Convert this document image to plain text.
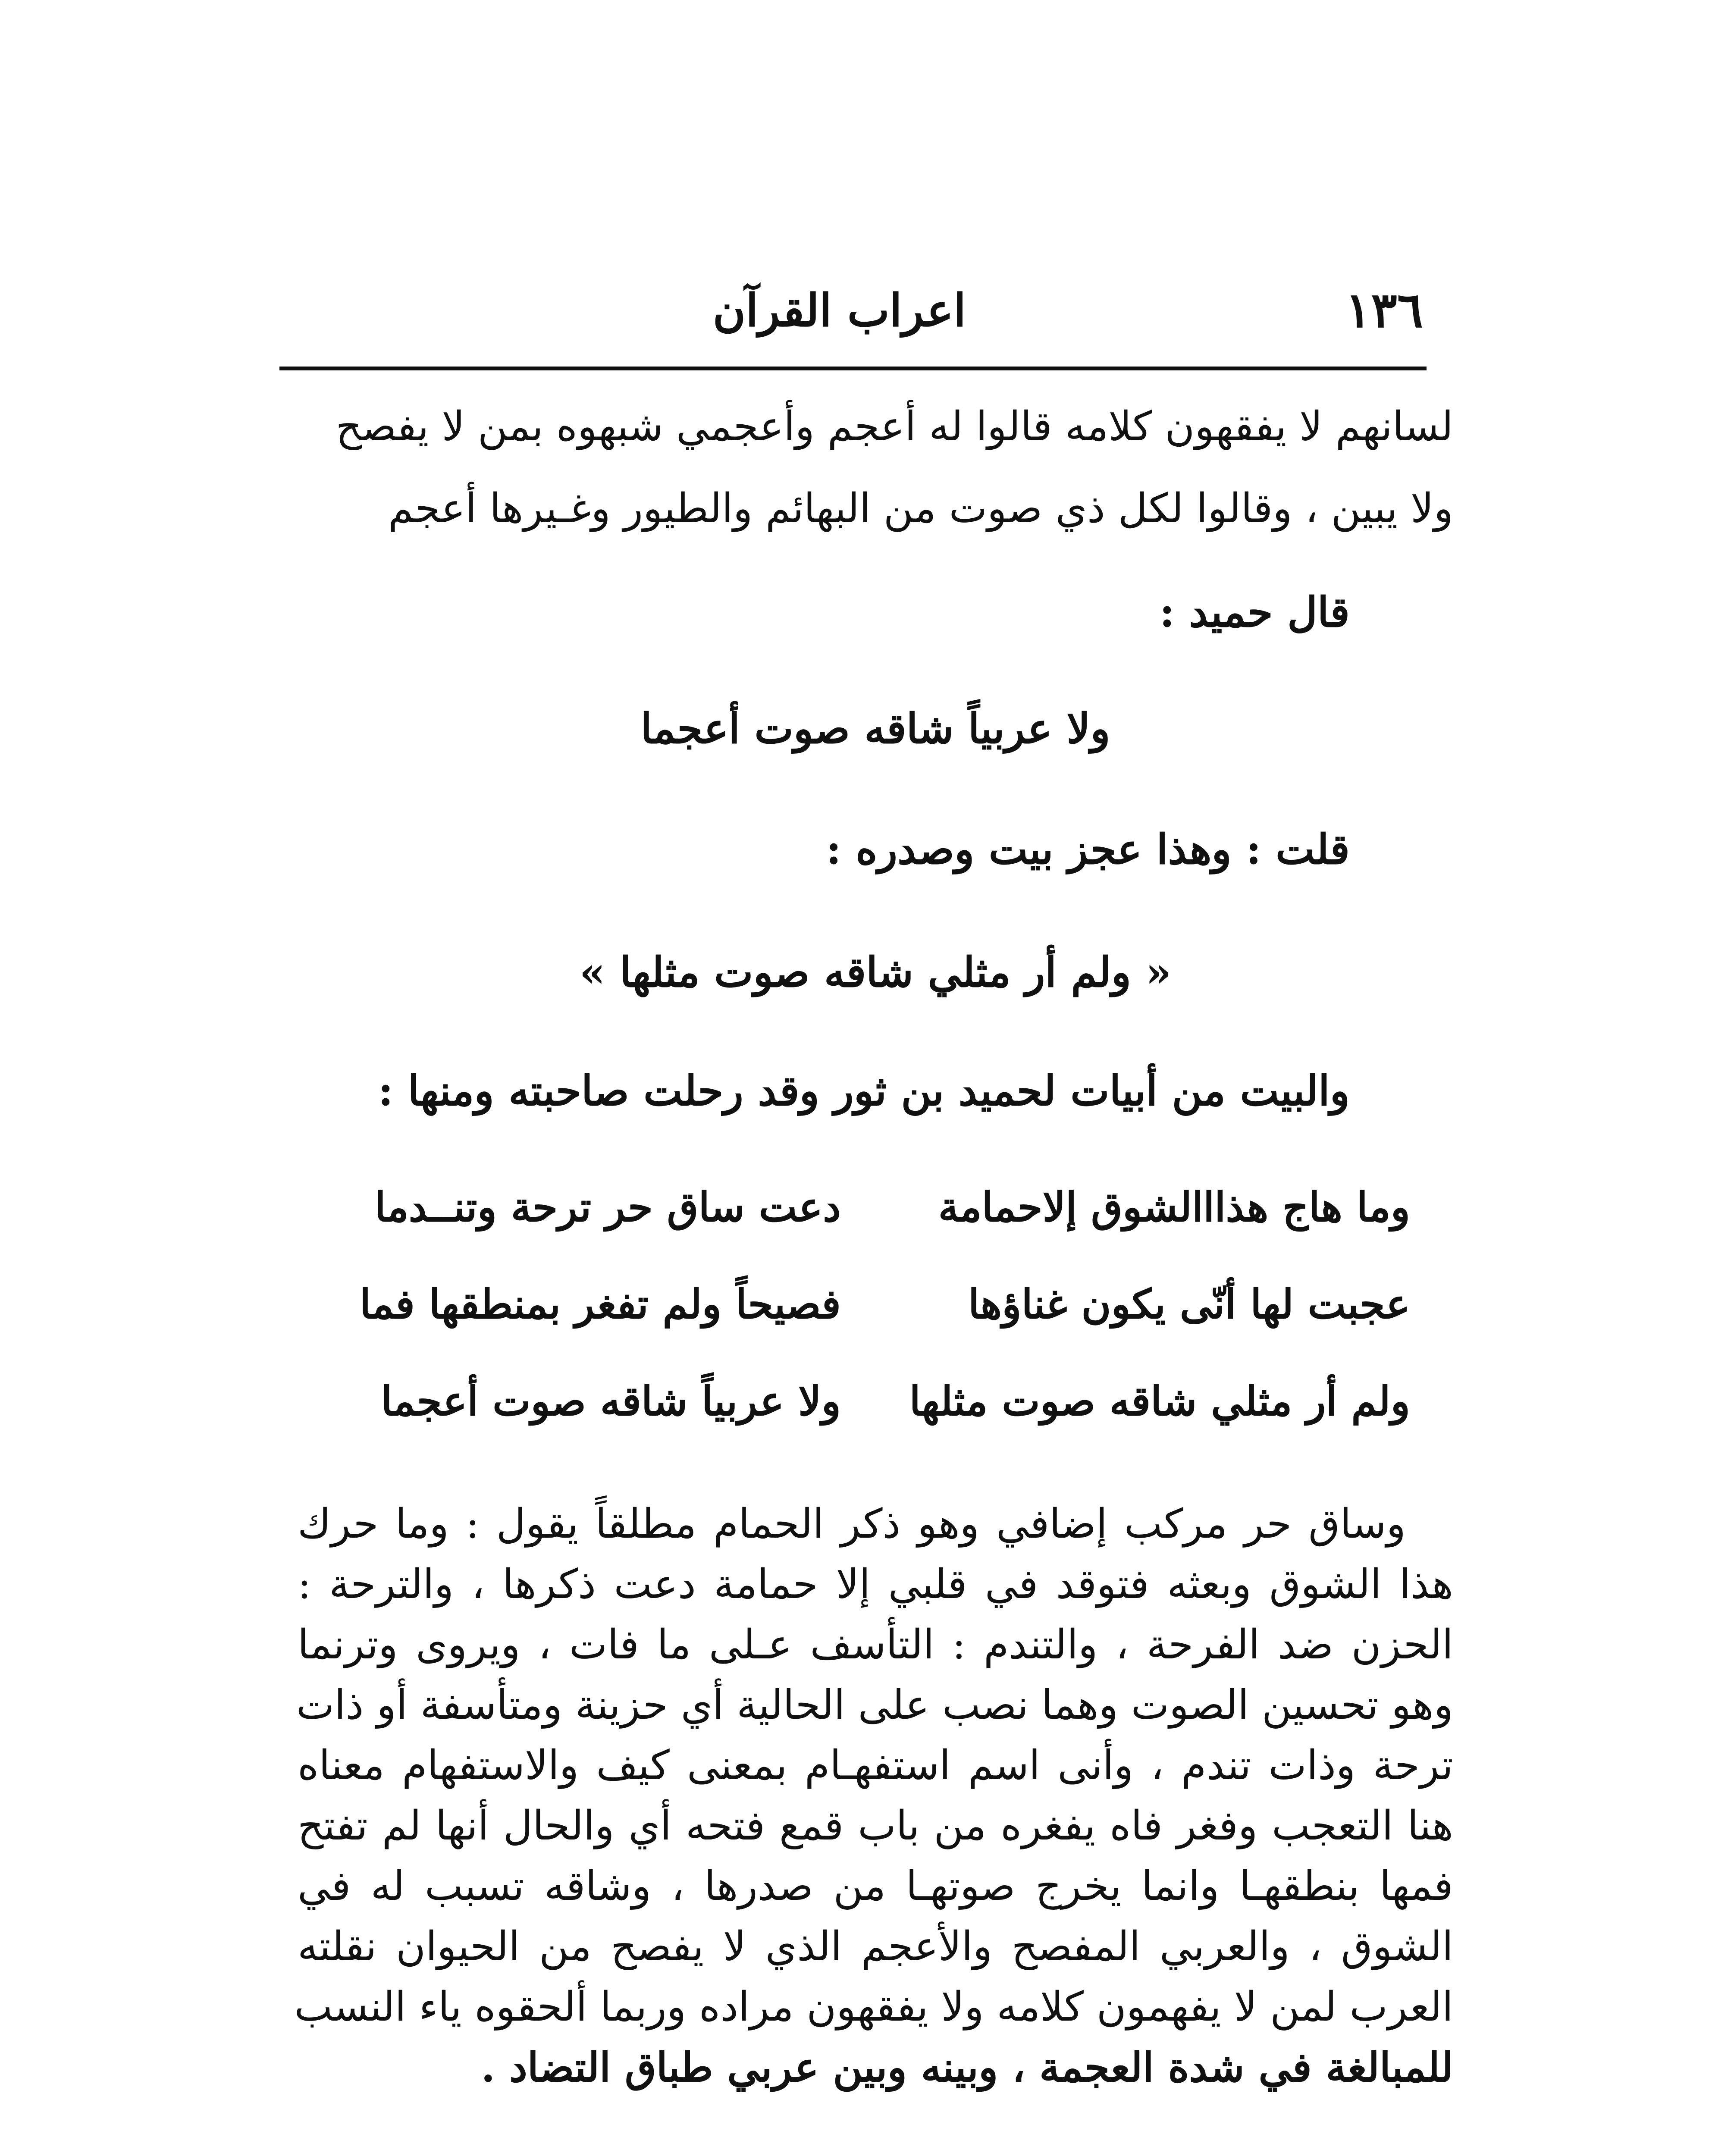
١٣٦
اعراب القرآن
لسانهم لا يفقهون كلامه قالوا له أعجم وأعجمي شبهوه بمن لا يفصح
ولا يبين ، وقالوا لكل ذي صوت من البهائم والطيور وغـيرها أعجم
قال حميد :
ولا عربياً شاقه صوت أعجما
قلت : وهذا عجز بيت وصدره :
« ولم أر مثلي شاقه صوت مثلها »
والبيت من أبيات لحميد بن ثور وقد رحلت صاحبته ومنها :
وما هاج هذااالشوق إلاحمامة
دعت ساق حر ترحة وتنــدما
عجبت لها أنّى يكون غناؤها
فصيحاً ولم تفغر بمنطقها فما
ولم أر مثلي شاقه صوت مثلها
ولا عربياً شاقه صوت أعجما
وساق حر مركب إضافي وهو ذكر الحمام مطلقاً يقول : وما حرك
هذا الشوق وبعثه فتوقد في قلبي إلا حمامة دعت ذكرها ، والترحة :
الحزن ضد الفرحة ، والتندم : التأسف عـلى ما فات ، ويروى وترنما
وهو تحسين الصوت وهما نصب على الحالية أي حزينة ومتأسفة أو ذات
ترحة وذات تندم ، وأنى اسم استفهـام بمعنى كيف والاستفهام معناه
هنا التعجب وفغر فاه يفغره من باب قمع فتحه أي والحال أنها لم تفتح
فمها بنطقهـا وانما يخرج صوتهـا من صدرها ، وشاقه تسبب له في
الشوق ، والعربي المفصح والأعجم الذي لا يفصح من الحيوان نقلته
العرب لمن لا يفهمون كلامه ولا يفقهون مراده وربما ألحقوه ياء النسب
للمبالغة في شدة العجمة ، وبينه وبين عربي طباق التضاد .
